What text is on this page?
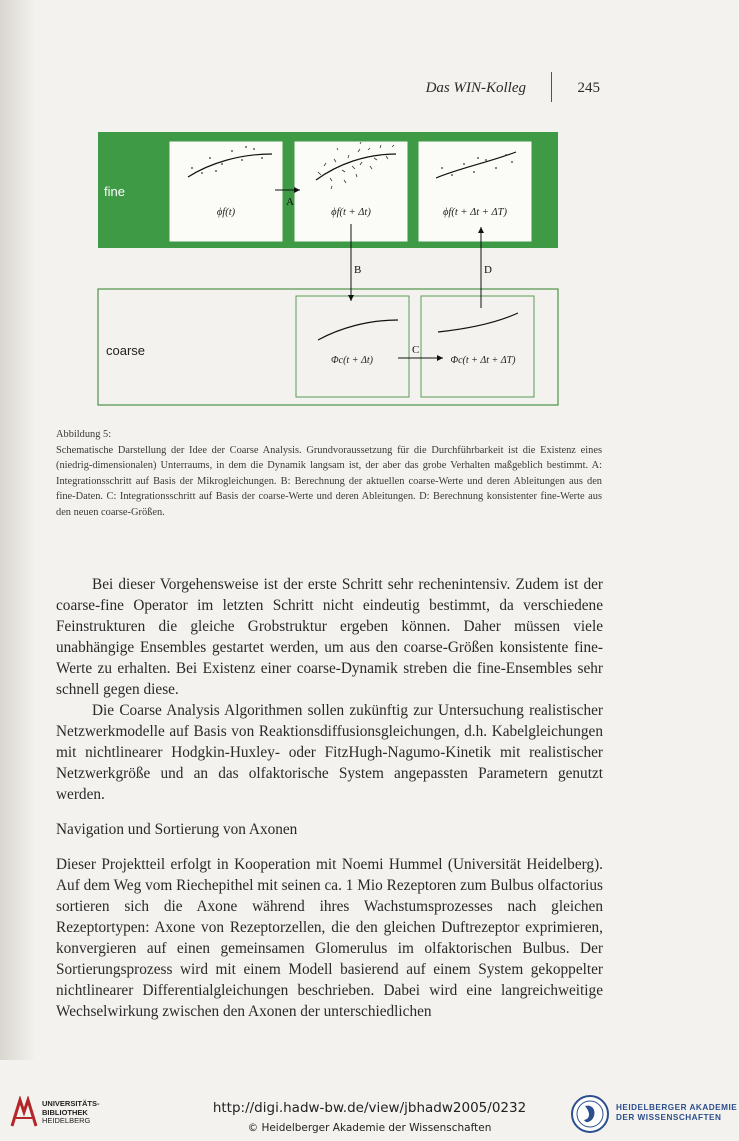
Das WIN-Kolleg	245
fine
ϕf(t)	ϕf(t + Δt)	ϕf(t + Δt + ΔT)
coarse
Φc(t + Δt)	Φc(t + Δt + ΔT)
A
B
C
D

Abbildung 5:

Schematische Darstellung der Idee der Coarse Analysis. Grundvoraussetzung für die Durchführbarkeit ist die Existenz eines (niedrig-dimensionalen) Unterraums, in dem die Dynamik langsam ist, der aber das grobe Verhalten maßgeblich bestimmt. A: Integrationsschritt auf Basis der Mikrogleichungen. B: Berechnung der aktuellen coarse-Werte und deren Ableitungen aus den fine-Daten. C: Integrationsschritt auf Basis der coarse-Werte und deren Ableitungen. D: Berechnung konsistenter fine-Werte aus den neuen coarse-Größen.

Bei dieser Vorgehensweise ist der erste Schritt sehr rechenintensiv. Zudem ist der coarse-fine Operator im letzten Schritt nicht eindeutig bestimmt, da verschiedene Feinstrukturen die gleiche Grobstruktur ergeben können. Daher müssen viele unabhängige Ensembles gestartet werden, um aus den coarse-Größen konsistente fine-Werte zu erhalten. Bei Existenz einer coarse-Dynamik streben die fine-Ensembles sehr schnell gegen diese.

Die Coarse Analysis Algorithmen sollen zukünftig zur Untersuchung realistischer Netzwerkmodelle auf Basis von Reaktionsdiffusionsgleichungen, d.h. Kabelgleichungen mit nichtlinearer Hodgkin-Huxley- oder FitzHugh-Nagumo-Kinetik mit realistischer Netzwerkgröße und an das olfaktorische System angepassten Parametern genutzt werden.

Navigation und Sortierung von Axonen

Dieser Projektteil erfolgt in Kooperation mit Noemi Hummel (Universität Heidelberg). Auf dem Weg vom Riechepithel mit seinen ca. 1 Mio Rezeptoren zum Bulbus olfactorius sortieren sich die Axone während ihres Wachstumsprozesses nach gleichen Rezeptortypen: Axone von Rezeptorzellen, die den gleichen Duftrezeptor exprimieren, konvergieren auf einen gemeinsamen Glomerulus im olfaktorischen Bulbus. Der Sortierungsprozess wird mit einem Modell basierend auf einem System gekoppelter nichtlinearer Differentialgleichungen beschrieben. Dabei wird eine langreichweitige Wechselwirkung zwischen den Axonen der unterschiedlichen

UNIVERSITÄTS-
BIBLIOTHEK
HEIDELBERG
http://digi.hadw-bw.de/view/jbhadw2005/0232
© Heidelberger Akademie der Wissenschaften
HEIDELBERGER AKADEMIE
DER WISSENSCHAFTEN
